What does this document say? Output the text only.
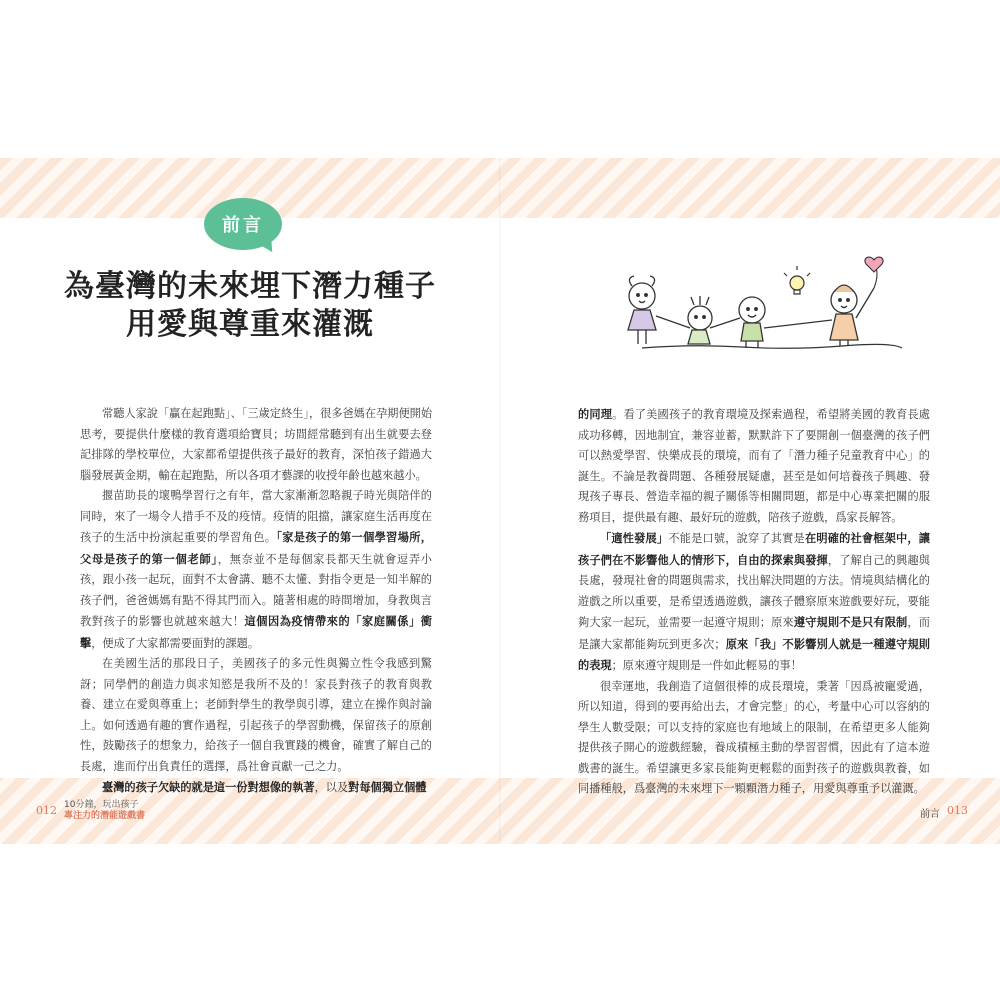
前言
為臺灣的未來埋下潛力種子
用愛與尊重來灌溉

常聽人家說「贏在起跑點」、「三歲定終生」，很多爸媽在孕期便開始思考，要提供什麼樣的教育選項給寶貝；坊間經常聽到有出生就要去登記排隊的學校單位，大家都希望提供孩子最好的教育，深怕孩子錯過大腦發展黃金期，輸在起跑點，所以各項才藝課的收授年齡也越來越小。

揠苗助長的壞鴨學習行之有年，當大家漸漸忽略親子時光與陪伴的同時，來了一場令人措手不及的疫情。疫情的阻擋，讓家庭生活再度在孩子的生活中扮演起重要的學習角色。「家是孩子的第一個學習場所，父母是孩子的第一個老師」，無奈並不是每個家長都天生就會逗弄小孩，跟小孩一起玩，面對不太會講、聽不太懂、對指令更是一知半解的孩子們，爸爸媽媽有點不得其門而入。隨著相處的時間增加，身教與言教對孩子的影響也就越來越大！這個因為疫情帶來的「家庭關係」衝擊，便成了大家都需要面對的課題。

在美國生活的那段日子，美國孩子的多元性與獨立性令我感到驚訝；同學們的創造力與求知慾是我所不及的！家長對孩子的教育與教養、建立在愛與尊重上；老師對學生的教學與引導，建立在操作與討論上。如何透過有趣的實作過程，引起孩子的學習動機，保留孩子的原創性，鼓勵孩子的想象力，給孩子一個自我實踐的機會，確實了解自己的長處，進而佇出負責任的選擇，爲社會貢獻一己之力。

臺灣的孩子欠缺的就是這一份對想像的執著，以及對每個獨立個體

的同理。看了美國孩子的教育環境及探索過程，希望將美國的教育長處成功移轉，因地制宜，兼容並蓄，默默許下了要開創一個臺灣的孩子們可以熱愛學習、快樂成長的環境，而有了「潛力種子兒童教育中心」的誕生。不論是教養問題、各種發展疑慮，甚至是如何培養孩子興趣、發現孩子專長、營造幸福的親子關係等相關問題，都是中心專業把關的服務項目，提供最有趣、最好玩的遊戲，陪孩子遊戲，爲家長解答。

「適性發展」不能是口號，說穿了其實是在明確的社會框架中，讓孩子們在不影響他人的情形下，自由的探索與發揮，了解自己的興趣與長處，發現社會的問題與需求，找出解決問題的方法。情境與結構化的遊戲之所以重要，是希望透過遊戲，讓孩子體察原來遊戲要好玩，要能夠大家一起玩，並需要一起遵守規則；原來遵守規則不是只有限制，而是讓大家都能夠玩到更多次；原來「我」不影響別人就是一種遵守規則的表現；原來遵守規則是一件如此輕易的事！

很幸運地，我創造了這個很棒的成長環境，秉著「因爲被寵愛過，所以知道，得到的要再給出去，才會完整」的心，考量中心可以容納的學生人數受限；可以支持的家庭也有地域上的限制，在希望更多人能夠提供孩子開心的遊戲經驗，養成積極主動的學習習慣，因此有了這本遊戲書的誕生。希望讓更多家長能夠更輕鬆的面對孩子的遊戲與教養，如同播種般，爲臺灣的未來埋下一顆顆潛力種子，用愛與尊重予以灌溉。

012 10分鐘，玩出孩子
專注力的潛能遊戲書	前言 013
